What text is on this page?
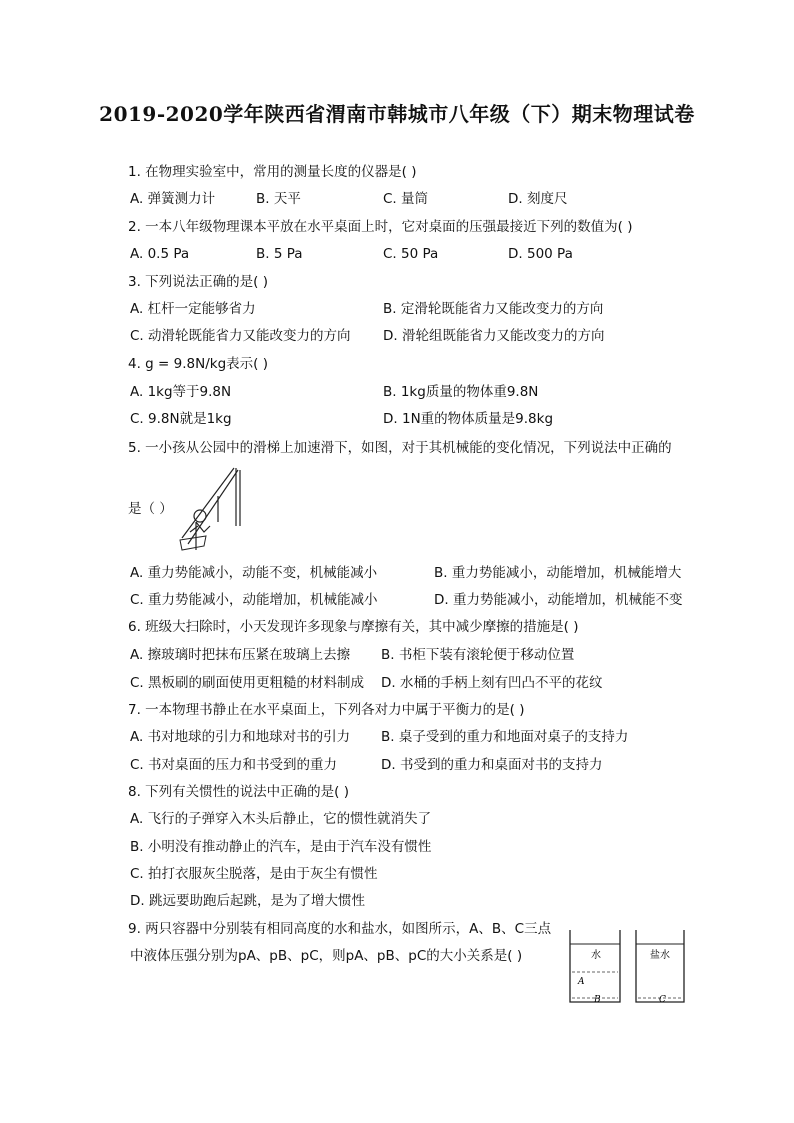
2019-2020学年陕西省渭南市韩城市八年级（下）期末物理试卷
1. 在物理实验室中，常用的测量长度的仪器是( )
A. 弹簧测力计	B. 天平	C. 量筒	D. 刻度尺
2. 一本八年级物理课本平放在水平桌面上时，它对桌面的压强最接近下列的数值为( )
A. 0.5 Pa	B. 5 Pa	C. 50 Pa	D. 500 Pa
3. 下列说法正确的是( )
A. 杠杆一定能够省力	B. 定滑轮既能省力又能改变力的方向
C. 动滑轮既能省力又能改变力的方向 D. 滑轮组既能省力又能改变力的方向
4. g = 9.8N/kg表示( )
A. 1kg等于9.8N	B. 1kg质量的物体重9.8N
C. 9.8N就是1kg	D. 1N重的物体质量是9.8kg
5. 一小孩从公园中的滑梯上加速滑下，如图，对于其机械能的变化情况，下列说法中正确的
是（ ）
A. 重力势能减小，动能不变，机械能减小	B. 重力势能减小，动能增加，机械能增大
C. 重力势能减小，动能增加，机械能减小	D. 重力势能减小，动能增加，机械能不变
6. 班级大扫除时，小天发现许多现象与摩擦有关，其中减少摩擦的措施是( )
A. 擦玻璃时把抹布压紧在玻璃上去擦 B. 书柜下装有滚轮便于移动位置
C. 黑板刷的刷面使用更粗糙的材料制成 D. 水桶的手柄上刻有凹凸不平的花纹
7. 一本物理书静止在水平桌面上，下列各对力中属于平衡力的是( )
A. 书对地球的引力和地球对书的引力 B. 桌子受到的重力和地面对桌子的支持力
C. 书对桌面的压力和书受到的重力	D. 书受到的重力和桌面对书的支持力
8. 下列有关惯性的说法中正确的是( )
A. 飞行的子弹穿入木头后静止，它的惯性就消失了
B. 小明没有推动静止的汽车，是由于汽车没有惯性
C. 拍打衣服灰尘脱落，是由于灰尘有惯性
D. 跳远要助跑后起跳，是为了增大惯性
9. 两只容器中分别装有相同高度的水和盐水，如图所示，A、B、C三点
中液体压强分别为pA、pB、pC，则pA、pB、pC的大小关系是( )	水	盐水
A
B	C
